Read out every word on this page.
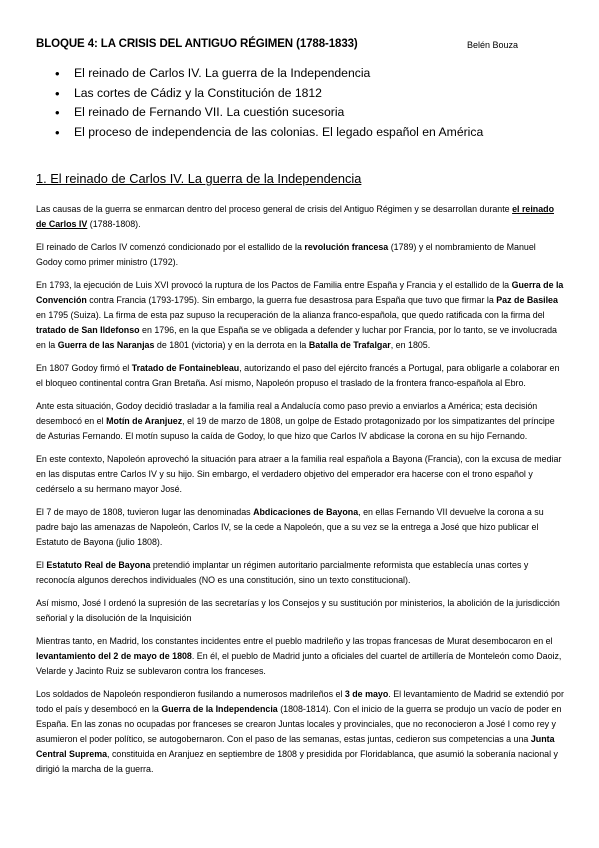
BLOQUE 4: LA CRISIS DEL ANTIGUO RÉGIMEN (1788-1833)	Belén Bouza
• El reinado de Carlos IV. La guerra de la Independencia
• Las cortes de Cádiz y la Constitución de 1812
• El reinado de Fernando VII. La cuestión sucesoria
• El proceso de independencia de las colonias. El legado español en América
1. El reinado de Carlos IV. La guerra de la Independencia

Las causas de la guerra se enmarcan dentro del proceso general de crisis del Antiguo Régimen y se desarrollan durante el reinado de Carlos IV (1788-1808).

El reinado de Carlos IV comenzó condicionado por el estallido de la revolución francesa (1789) y el nombramiento de Manuel Godoy como primer ministro (1792).

En 1793, la ejecución de Luis XVI provocó la ruptura de los Pactos de Familia entre España y Francia y el estallido de la Guerra de la Convención contra Francia (1793-1795). Sin embargo, la guerra fue desastrosa para España que tuvo que firmar la Paz de Basilea en 1795 (Suiza). La firma de esta paz supuso la recuperación de la alianza franco-española, que quedo ratificada con la firma del tratado de San Ildefonso en 1796, en la que España se ve obligada a defender y luchar por Francia, por lo tanto, se ve involucrada en la Guerra de las Naranjas de 1801 (victoria) y en la derrota en la Batalla de Trafalgar, en 1805.

En 1807 Godoy firmó el Tratado de Fontainebleau, autorizando el paso del ejército francés a Portugal, para obligarle a colaborar en el bloqueo continental contra Gran Bretaña. Así mismo, Napoleón propuso el traslado de la frontera franco-española al Ebro.

Ante esta situación, Godoy decidió trasladar a la familia real a Andalucía como paso previo a enviarlos a América; esta decisión desembocó en el Motín de Aranjuez, el 19 de marzo de 1808, un golpe de Estado protagonizado por los simpatizantes del príncipe de Asturias Fernando. El motín supuso la caída de Godoy, lo que hizo que Carlos IV abdicase la corona en su hijo Fernando.

En este contexto, Napoleón aprovechó la situación para atraer a la familia real española a Bayona (Francia), con la excusa de mediar en las disputas entre Carlos IV y su hijo. Sin embargo, el verdadero objetivo del emperador era hacerse con el trono español y cedérselo a su hermano mayor José.

El 7 de mayo de 1808, tuvieron lugar las denominadas Abdicaciones de Bayona, en ellas Fernando VII devuelve la corona a su padre bajo las amenazas de Napoleón, Carlos IV, se la cede a Napoleón, que a su vez se la entrega a José que hizo publicar el Estatuto de Bayona (julio 1808).

El Estatuto Real de Bayona pretendió implantar un régimen autoritario parcialmente reformista que establecía unas cortes y reconocía algunos derechos individuales (NO es una constitución, sino un texto constitucional).

Así mismo, José I ordenó la supresión de las secretarías y los Consejos y su sustitución por ministerios, la abolición de la jurisdicción señorial y la disolución de la Inquisición

Mientras tanto, en Madrid, los constantes incidentes entre el pueblo madrileño y las tropas francesas de Murat desembocaron en el levantamiento del 2 de mayo de 1808. En él, el pueblo de Madrid junto a oficiales del cuartel de artillería de Monteleón como Daoiz, Velarde y Jacinto Ruiz se sublevaron contra los franceses.

Los soldados de Napoleón respondieron fusilando a numerosos madrileños el 3 de mayo. El levantamiento de Madrid se extendió por todo el país y desembocó en la Guerra de la Independencia (1808-1814). Con el inicio de la guerra se produjo un vacío de poder en España. En las zonas no ocupadas por franceses se crearon Juntas locales y provinciales, que no reconocieron a José I como rey y asumieron el poder político, se autogobernaron. Con el paso de las semanas, estas juntas, cedieron sus competencias a una Junta Central Suprema, constituida en Aranjuez en septiembre de 1808 y presidida por Floridablanca, que asumió la soberanía nacional y dirigió la marcha de la guerra.
